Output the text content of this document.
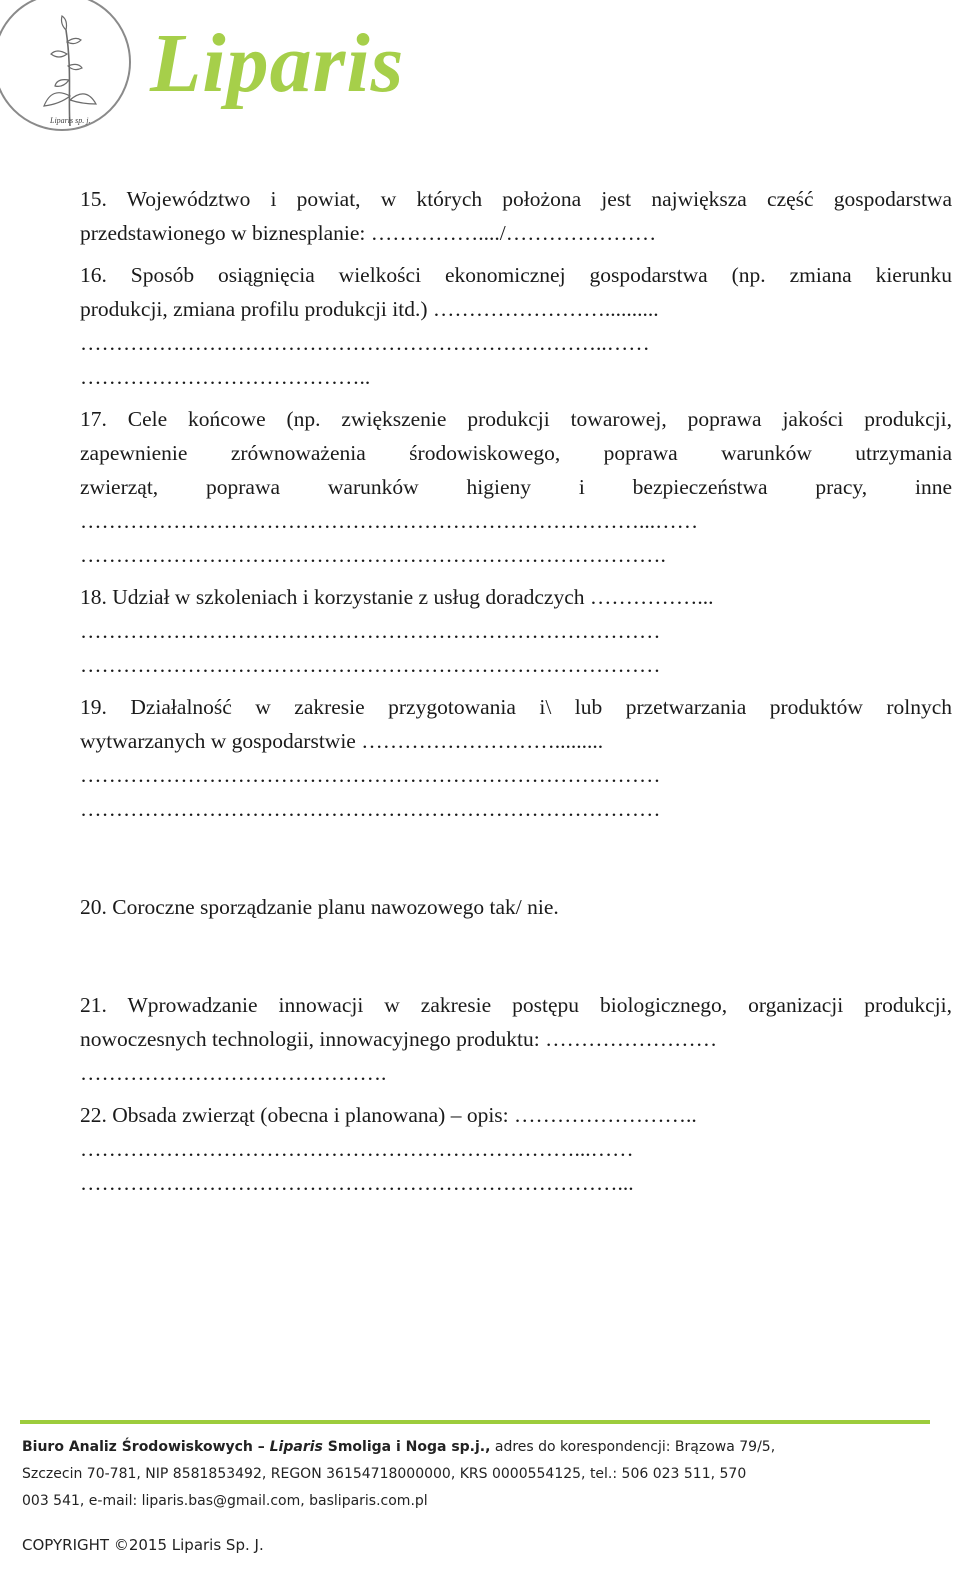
Liparis sp. j.
Liparis
15. Województwo i powiat, w których położona jest największa część gospodarstwa
przedstawionego w biznesplanie: ……………..../…………………
16. Sposób osiągnięcia wielkości ekonomicznej gospodarstwa (np. zmiana kierunku
produkcji, zmiana profilu produkcji itd.) ……………………..........
………………………………………………………………..……
…………………………………..
17. Cele końcowe (np. zwiększenie produkcji towarowej, poprawa jakości produkcji,
zapewnienie zrównoważenia środowiskowego, poprawa warunków utrzymania
zwierząt, poprawa warunków higieny i bezpieczeństwa pracy, inne
……………………………………………………………………...……
……………………………………………………………………….
18. Udział w szkoleniach i korzystanie z usług doradczych ……………...
………………………………………………………………………
………………………………………………………………………
19. Działalność w zakresie przygotowania i\ lub przetwarzania produktów rolnych
wytwarzanych w gospodarstwie ……………………….........
………………………………………………………………………
………………………………………………………………………
20. Coroczne sporządzanie planu nawozowego tak/ nie.
21. Wprowadzanie innowacji w zakresie postępu biologicznego, organizacji produkcji,
nowoczesnych technologii, innowacyjnego produktu: ……………………
…………………………………….
22. Obsada zwierząt (obecna i planowana) – opis: ……………………..
……………………………………………………………...……
…………………………………………………………………...
Biuro Analiz Środowiskowych – Liparis Smoliga i Noga sp.j., adres do korespondencji: Brązowa 79/5,
Szczecin 70-781, NIP 8581853492, REGON 36154718000000, KRS 0000554125, tel.: 506 023 511, 570
003 541, e-mail: liparis.bas@gmail.com, basliparis.com.pl
COPYRIGHT ©2015 Liparis Sp. J.
